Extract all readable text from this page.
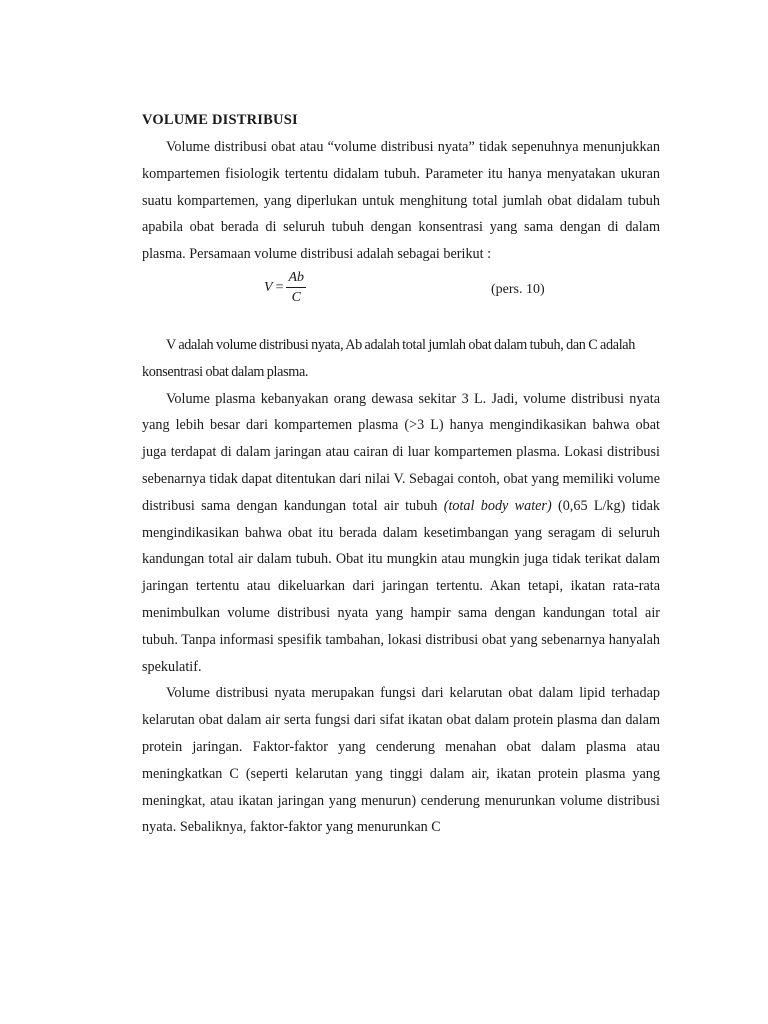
VOLUME DISTRIBUSI

Volume distribusi obat atau “volume distribusi nyata” tidak sepenuhnya menunjukkan kompartemen fisiologik tertentu didalam tubuh. Parameter itu hanya menyatakan ukuran suatu kompartemen, yang diperlukan untuk menghitung total jumlah obat didalam tubuh apabila obat berada di seluruh tubuh dengan konsentrasi yang sama dengan di dalam plasma. Persamaan volume distribusi adalah sebagai berikut :

$V = \frac{Ab}{C}$	(pers. 10)

V adalah volume distribusi nyata, Ab adalah total jumlah obat dalam tubuh, dan C adalah konsentrasi obat dalam plasma.

Volume plasma kebanyakan orang dewasa sekitar 3 L. Jadi, volume distribusi nyata yang lebih besar dari kompartemen plasma (>3 L) hanya mengindikasikan bahwa obat juga terdapat di dalam jaringan atau cairan di luar kompartemen plasma. Lokasi distribusi sebenarnya tidak dapat ditentukan dari nilai V. Sebagai contoh, obat yang memiliki volume distribusi sama dengan kandungan total air tubuh (total body water) (0,65 L/kg) tidak mengindikasikan bahwa obat itu berada dalam kesetimbangan yang seragam di seluruh kandungan total air dalam tubuh. Obat itu mungkin atau mungkin juga tidak terikat dalam jaringan tertentu atau dikeluarkan dari jaringan tertentu. Akan tetapi, ikatan rata-rata menimbulkan volume distribusi nyata yang hampir sama dengan kandungan total air tubuh. Tanpa informasi spesifik tambahan, lokasi distribusi obat yang sebenarnya hanyalah spekulatif.

Volume distribusi nyata merupakan fungsi dari kelarutan obat dalam lipid terhadap kelarutan obat dalam air serta fungsi dari sifat ikatan obat dalam protein plasma dan dalam protein jaringan. Faktor-faktor yang cenderung menahan obat dalam plasma atau meningkatkan C (seperti kelarutan yang tinggi dalam air, ikatan protein plasma yang meningkat, atau ikatan jaringan yang menurun) cenderung menurunkan volume distribusi nyata. Sebaliknya, faktor-faktor yang menurunkan C
